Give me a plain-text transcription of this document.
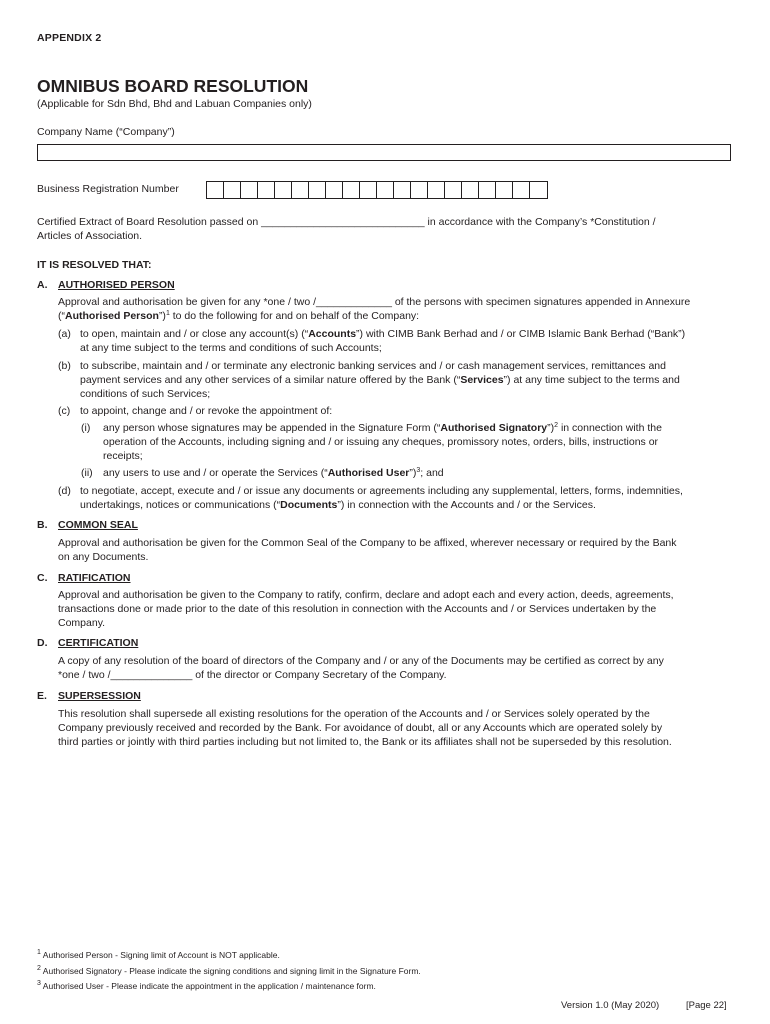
APPENDIX 2
OMNIBUS BOARD RESOLUTION
(Applicable for Sdn Bhd, Bhd and Labuan Companies only)
Company Name (“Company”)
Business Registration Number
Certified Extract of Board Resolution passed on ____________________________ in accordance with the Company’s *Constitution /
Articles of Association.
IT IS RESOLVED THAT:
A. AUTHORISED PERSON
Approval and authorisation be given for any *one / two /_____________ of the persons with specimen signatures appended in Annexure
(“Authorised Person”)$^1$ to do the following for and on behalf of the Company:
(a) to open, maintain and / or close any account(s) (“Accounts”) with CIMB Bank Berhad and / or CIMB Islamic Bank Berhad (“Bank”)
at any time subject to the terms and conditions of such Accounts;
(b) to subscribe, maintain and / or terminate any electronic banking services and / or cash management services, remittances and
payment services and any other services of a similar nature offered by the Bank (“Services”) at any time subject to the terms and
conditions of such Services;
(c) to appoint, change and / or revoke the appointment of:
(i) any person whose signatures may be appended in the Signature Form (“Authorised Signatory”)$^2$ in connection with the
operation of the Accounts, including signing and / or issuing any cheques, promissory notes, orders, bills, instructions or
receipts;
(ii) any users to use and / or operate the Services (“Authorised User”)$^3$; and
(d) to negotiate, accept, execute and / or issue any documents or agreements including any supplemental, letters, forms, indemnities,
undertakings, notices or communications (“Documents”) in connection with the Accounts and / or the Services.
B. COMMON SEAL
Approval and authorisation be given for the Common Seal of the Company to be affixed, wherever necessary or required by the Bank
on any Documents.
C. RATIFICATION
Approval and authorisation be given to the Company to ratify, confirm, declare and adopt each and every action, deeds, agreements,
transactions done or made prior to the date of this resolution in connection with the Accounts and / or Services undertaken by the
Company.
D. CERTIFICATION
A copy of any resolution of the board of directors of the Company and / or any of the Documents may be certified as correct by any
*one / two /______________ of the director or Company Secretary of the Company.
E. SUPERSESSION
This resolution shall supersede all existing resolutions for the operation of the Accounts and / or Services solely operated by the
Company previously received and recorded by the Bank. For avoidance of doubt, all or any Accounts which are operated solely by
third parties or jointly with third parties including but not limited to, the Bank or its affiliates shall not be superseded by this resolution.
$^1$ Authorised Person - Signing limit of Account is NOT applicable.
$^2$ Authorised Signatory - Please indicate the signing conditions and signing limit in the Signature Form.
$^3$ Authorised User - Please indicate the appointment in the application / maintenance form.
Version 1.0 (May 2020)	[Page 22]
